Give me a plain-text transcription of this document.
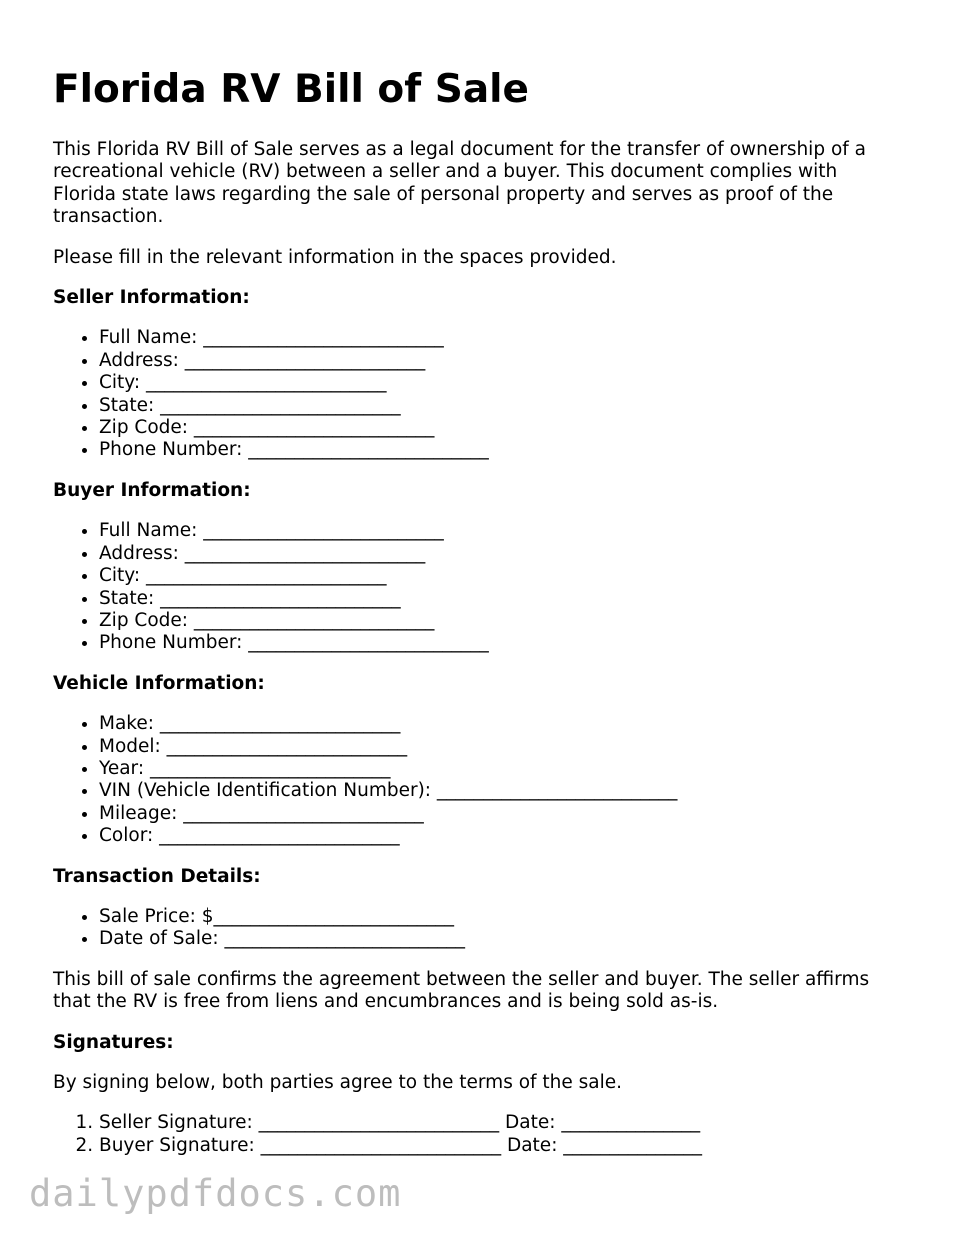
Florida RV Bill of Sale

This Florida RV Bill of Sale serves as a legal document for the transfer of ownership of a recreational vehicle (RV) between a seller and a buyer. This document complies with Florida state laws regarding the sale of personal property and serves as proof of the transaction.

Please fill in the relevant information in the spaces provided.

Seller Information:
• Full Name: __________________________
• Address: __________________________
• City: __________________________
• State: __________________________
• Zip Code: __________________________
• Phone Number: __________________________
Buyer Information:
• Full Name: __________________________
• Address: __________________________
• City: __________________________
• State: __________________________
• Zip Code: __________________________
• Phone Number: __________________________
Vehicle Information:
• Make: __________________________
• Model: __________________________
• Year: __________________________
• VIN (Vehicle Identification Number): __________________________
• Mileage: __________________________
• Color: __________________________
Transaction Details:
• Sale Price: $__________________________
• Date of Sale: __________________________

This bill of sale confirms the agreement between the seller and buyer. The seller affirms that the RV is free from liens and encumbrances and is being sold as-is.

Signatures:

By signing below, both parties agree to the terms of the sale.

1. Seller Signature: __________________________ Date: _______________
2. Buyer Signature: __________________________ Date: _______________
dailypdfdocs.com
